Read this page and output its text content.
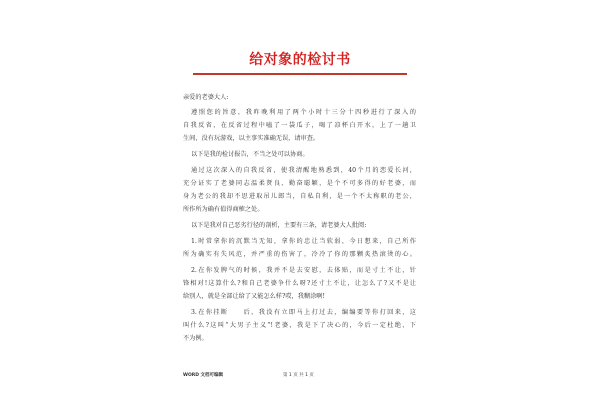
给对象的检讨书
亲爱的老婆大人:
遵照您的旨意，我昨晚利用了两个小时十三分十四秒进行了深入的
自我反省，在反省过程中嗑了一袋瓜子，喝了凉杯白开水，上了一趟卫
生间，没有玩游戏，以主事实准确无误，请审查。
以下是我的检讨报告，不当之处可以协商。
通过这次深入的自我反省，使我清醒地熟悉到，40个月的恋爱长河，
充分证实了老婆同志温柔贤良、勤奋聪颖，是个不可多得的好老婆，而
身为老公的我却不思进取吊儿郎当，自私自利，是一个不太称职的老公，
所作所为确有值得商榷之处。
以下是我对自己恶劣行径的剖析，主要有三条，请老婆大人批阅:
1.时常拿你的沉默当无知，拿你的忠让当软弱，今日想来，自己所作
所为确实有失风范，并严重的伤害了，冷冷了你的那颗炙热滚烫的心。
2.在你发脾气的时候，我并不是去安慰，去体贴，而是寸土不让，针
锋相对!这算什么?和自己老婆争什么呀?还寸土不让，让怎么了?又不是让
给别人，就是全部让给了又能怎么样?哎，我糊涂啊!
3.在你挂断　　后，我没有立即马上打过去，编编要等你打回来，这
叫什么?这叫“大男子主义”!老婆，我是下了决心的，今后一定杜绝，下
不为例。
WORD 文档可编辑	第 1 页 共 1 页
